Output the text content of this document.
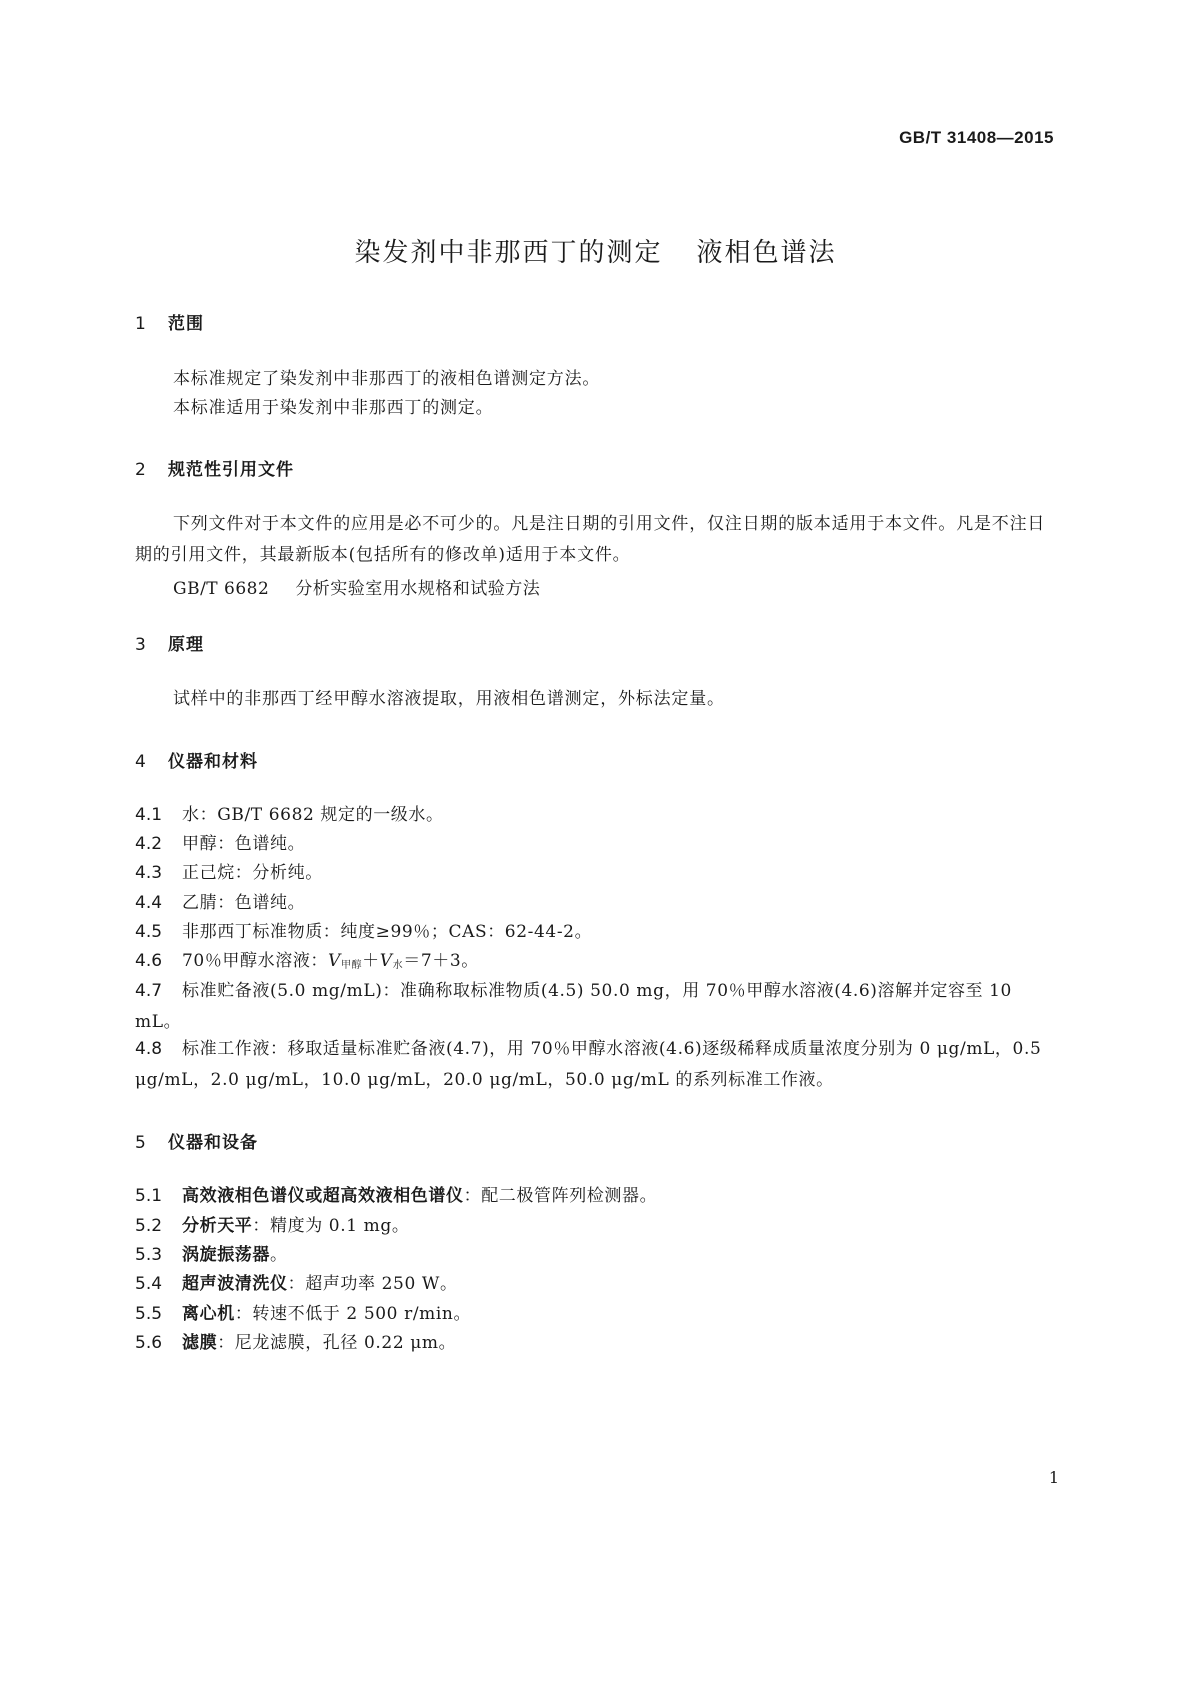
GB/T 31408—2015
染发剂中非那西丁的测定 液相色谱法
1 范围
本标准规定了染发剂中非那西丁的液相色谱测定方法。
本标准适用于染发剂中非那西丁的测定。
2 规范性引用文件
下列文件对于本文件的应用是必不可少的。凡是注日期的引用文件，仅注日期的版本适用于本文件。凡是不注日期的引用文件，其最新版本(包括所有的修改单)适用于本文件。
GB/T 6682 分析实验室用水规格和试验方法
3 原理
试样中的非那西丁经甲醇水溶液提取，用液相色谱测定，外标法定量。
4 仪器和材料
4.1 水：GB/T 6682 规定的一级水。
4.2 甲醇：色谱纯。
4.3 正己烷：分析纯。
4.4 乙腈：色谱纯。
4.5 非那西丁标准物质：纯度≥99％；CAS：62-44-2。
4.6 70％甲醇水溶液：$V_{甲醇}+V_水=7+3$。
4.7 标准贮备液(5.0 mg/mL)：准确称取标准物质(4.5) 50.0 mg，用 70％甲醇水溶液(4.6)溶解并定容至 10 mL。
4.8 标准工作液：移取适量标准贮备液(4.7)，用 70％甲醇水溶液(4.6)逐级稀释成质量浓度分别为 0 μg/mL，0.5 μg/mL，2.0 μg/mL，10.0 μg/mL，20.0 μg/mL，50.0 μg/mL 的系列标准工作液。
5 仪器和设备
5.1 高效液相色谱仪或超高效液相色谱仪：配二极管阵列检测器。
5.2 分析天平：精度为 0.1 mg。
5.3 涡旋振荡器。
5.4 超声波清洗仪：超声功率 250 W。
5.5 离心机：转速不低于 2 500 r/min。
5.6 滤膜：尼龙滤膜，孔径 0.22 μm。
1
